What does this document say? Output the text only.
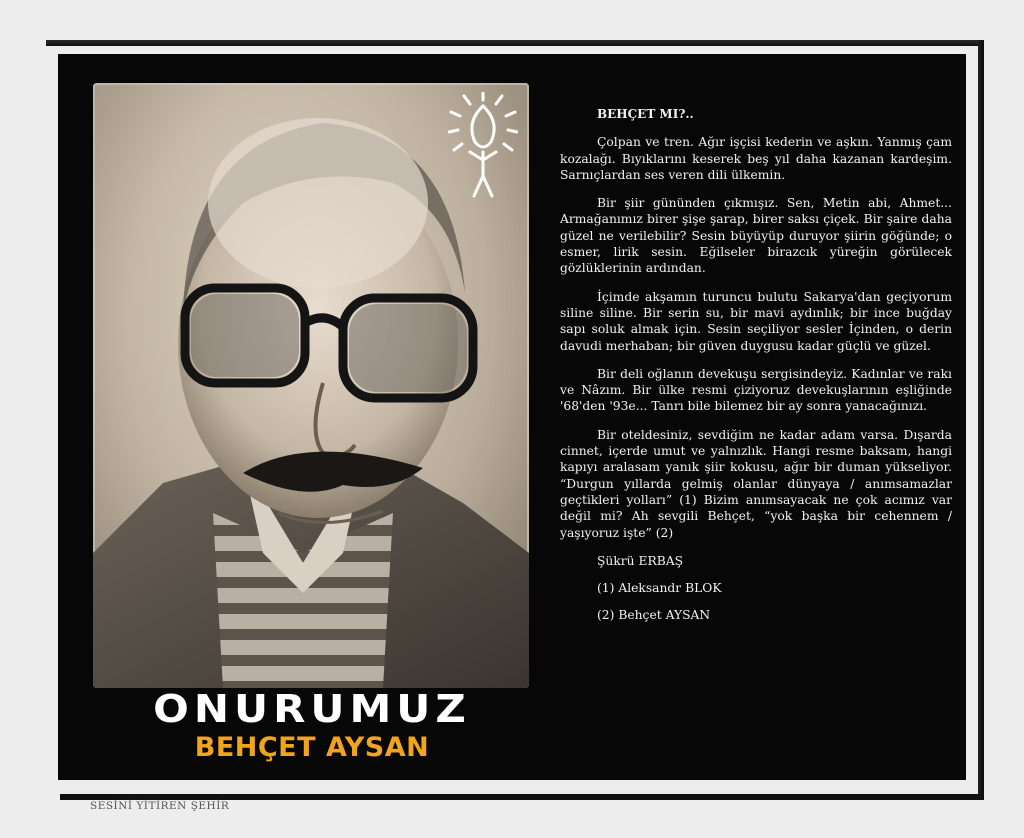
ONURUMUZ
BEHÇET AYSAN
BEHÇET MI?..

Çolpan ve tren. Ağır işçisi kederin ve aşkın. Yanmış çam kozalağı. Bıyıklarını keserek beş yıl daha kazanan kardeşim. Sarnıçlardan ses veren dili ülkemin.

Bir şiir gününden çıkmışız. Sen, Metin abi, Ahmet... Armağanımız birer şişe şarap, birer saksı çiçek. Bir şaire daha güzel ne verilebilir? Sesin büyüyüp duruyor şiirin göğünde; o esmer, lirik sesin. Eğilseler birazcık yüreğin görülecek gözlüklerinin ardından.

İçimde akşamın turuncu bulutu Sakarya'dan geçiyorum siline siline. Bir serin su, bir mavi aydınlık; bir ince buğday sapı soluk almak için. Sesin seçiliyor sesler İçinden, o derin davudi merhaban; bir güven duygusu kadar güçlü ve güzel.

Bir deli oğlanın devekuşu sergisindeyiz. Kadınlar ve rakı ve Nâzım. Bir ülke resmi çiziyoruz devekuşlarının eşliğinde '68'den '93e... Tanrı bile bilemez bir ay sonra yanacağınızı.

Bir oteldesiniz, sevdiğim ne kadar adam varsa. Dışarda cinnet, içerde umut ve yalnızlık. Hangi resme baksam, hangi kapıyı aralasam yanık şiir kokusu, ağır bir duman yükseliyor. “Durgun yıllarda gelmiş olanlar dünyaya / anımsamazlar geçtikleri yolları” (1) Bizim anımsayacak ne çok acımız var değil mi? Ah sevgili Behçet, “yok başka bir cehennem / yaşıyoruz işte” (2)

Şükrü ERBAŞ
(1) Aleksandr BLOK
(2) Behçet AYSAN
SESİNİ YİTİREN ŞEHİR
